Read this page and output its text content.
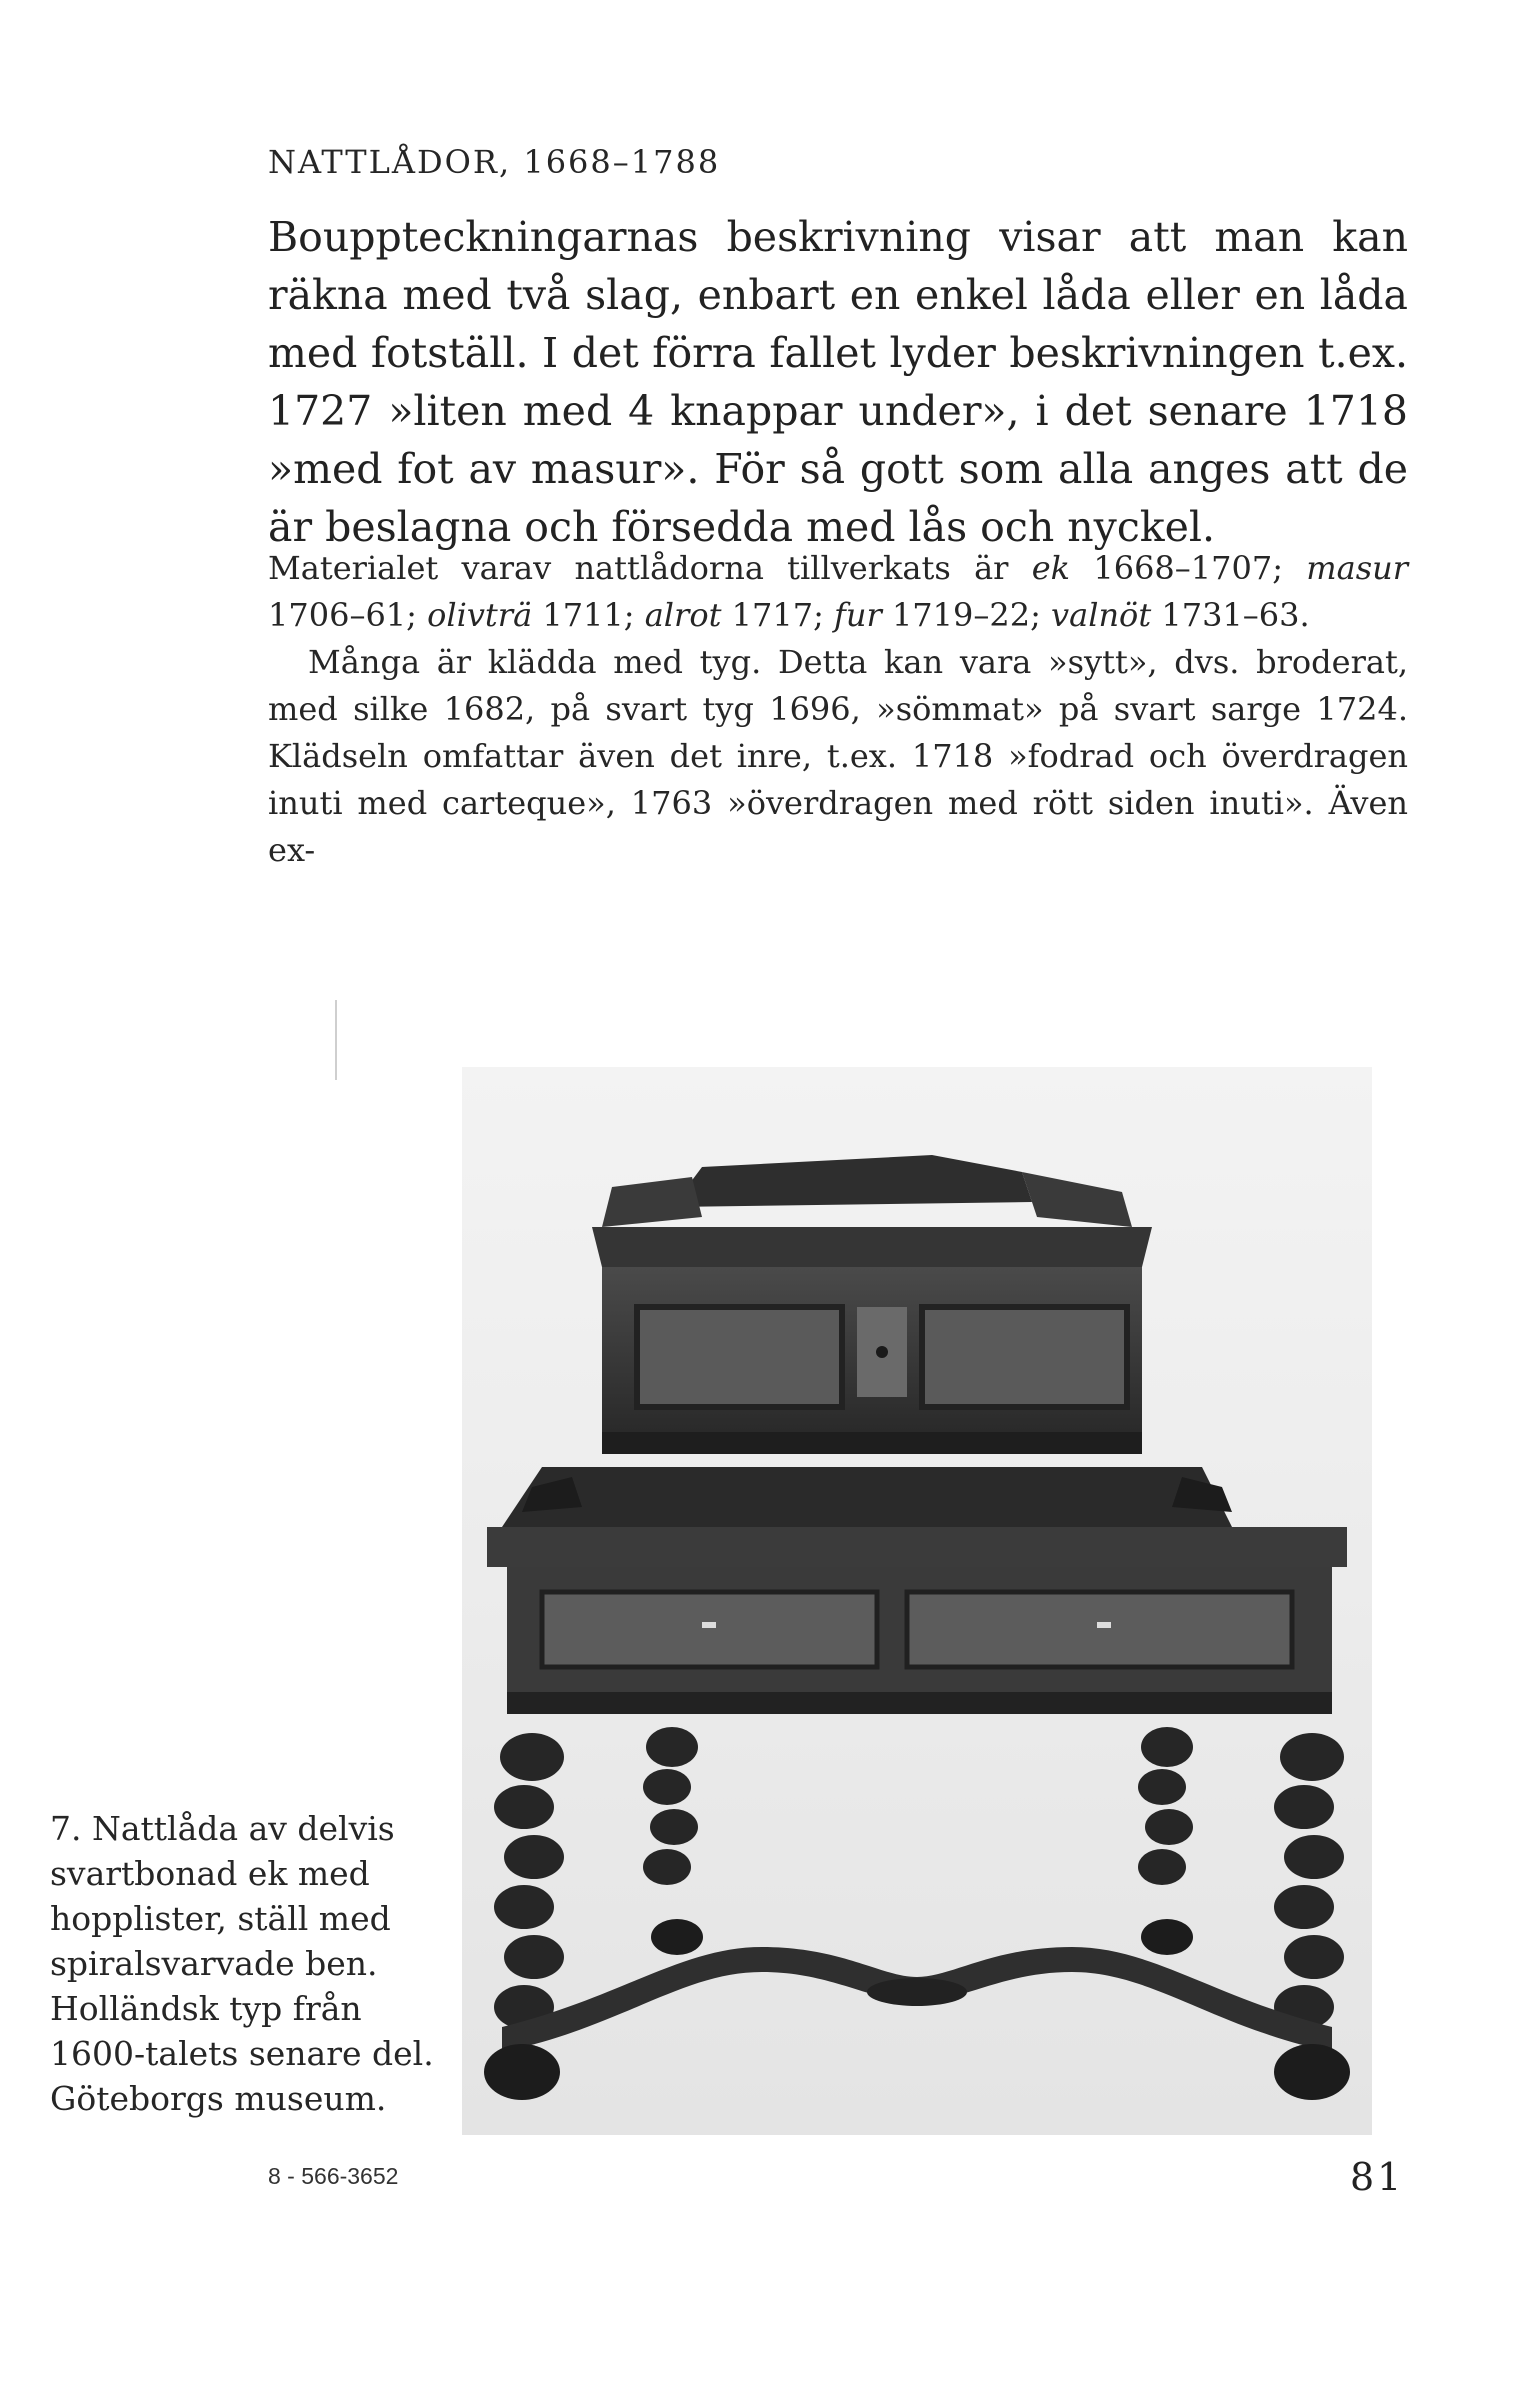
NATTLÅDOR, 1668–1788
Bouppteckningarnas beskrivning visar att man kan räkna med två slag, enbart en enkel låda eller en låda med fotställ. I det förra fallet lyder beskrivningen t.ex. 1727 »liten med 4 knappar under», i det senare 1718 »med fot av masur». För så gott som alla anges att de är beslagna och försedda med lås och nyckel.

Materialet varav nattlådorna tillverkats är ek 1668–1707; masur 1706–61; olivträ 1711; alrot 1717; fur 1719–22; valnöt 1731–63.

Många är klädda med tyg. Detta kan vara »sytt», dvs. broderat, med silke 1682, på svart tyg 1696, »sömmat» på svart sarge 1724. Klädseln omfattar även det inre, t.ex. 1718 »fodrad och överdragen inuti med carteque», 1763 »överdragen med rött siden inuti». Även ex-

7. Nattlåda av delvis
svartbonad ek med
hopplister, ställ med
spiralsvarvade ben.
Holländsk typ från
1600-talets senare del.
Göteborgs museum.
8 - 566-3652	81
